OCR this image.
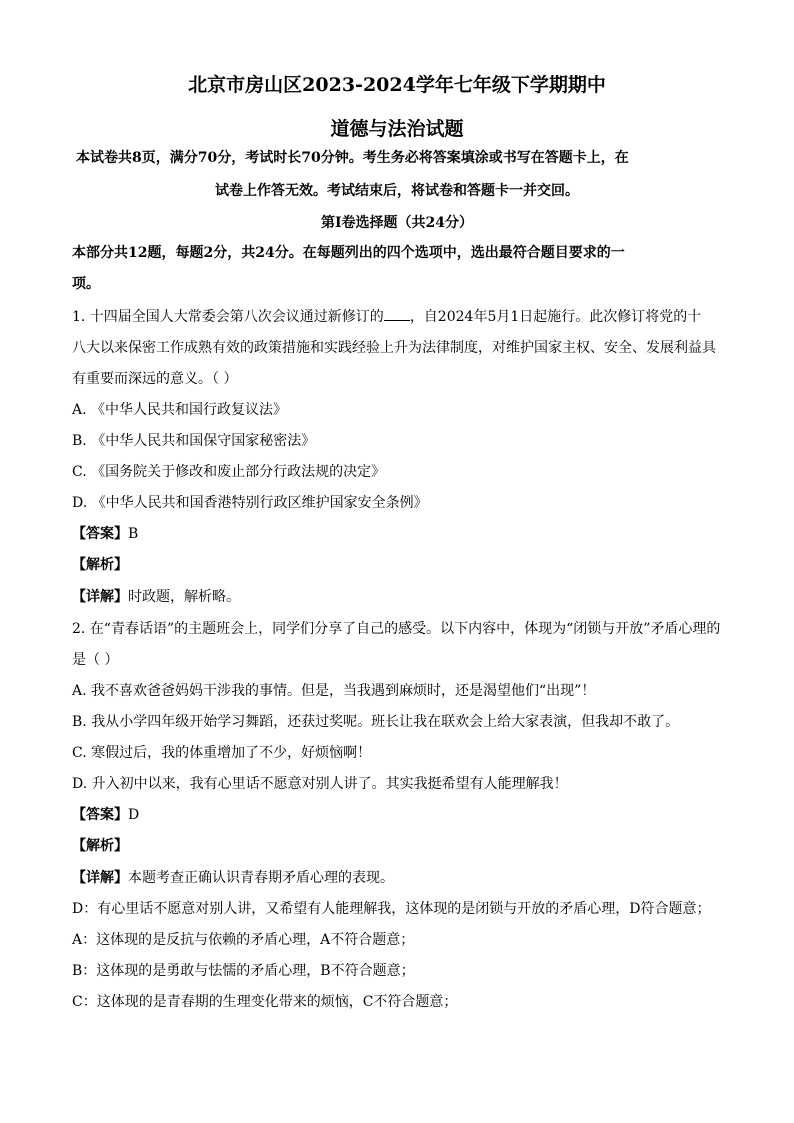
北京市房山区2023-2024学年七年级下学期期中
道德与法治试题
本试卷共8页，满分70分，考试时长70分钟。考生务必将答案填涂或书写在答题卡上，在
试卷上作答无效。考试结束后，将试卷和答题卡一并交回。
第Ⅰ卷选择题（共24分）
本部分共12题，每题2分，共24分。在每题列出的四个选项中，选出最符合题目要求的一
项。
1. 十四届全国人大常委会第八次会议通过新修订的 ，自2024年5月1日起施行。此次修订将党的十
八大以来保密工作成熟有效的政策措施和实践经验上升为法律制度，对维护国家主权、安全、发展利益具
有重要而深远的意义。（ ）
A. 《中华人民共和国行政复议法》
B. 《中华人民共和国保守国家秘密法》
C. 《国务院关于修改和废止部分行政法规的决定》
D. 《中华人民共和国香港特别行政区维护国家安全条例》
【答案】B
【解析】
【详解】时政题，解析略。
2. 在“青春话语”的主题班会上，同学们分享了自己的感受。以下内容中，体现为“闭锁与开放”矛盾心理的
是（ ）
A. 我不喜欢爸爸妈妈干涉我的事情。但是，当我遇到麻烦时，还是渴望他们“出现”！
B. 我从小学四年级开始学习舞蹈，还获过奖呢。班长让我在联欢会上给大家表演，但我却不敢了。
C. 寒假过后，我的体重增加了不少，好烦恼啊！
D. 升入初中以来，我有心里话不愿意对别人讲了。其实我挺希望有人能理解我！
【答案】D
【解析】
【详解】本题考查正确认识青春期矛盾心理的表现。
D：有心里话不愿意对别人讲，又希望有人能理解我，这体现的是闭锁与开放的矛盾心理，D符合题意；
A：这体现的是反抗与依赖的矛盾心理，A不符合题意；
B：这体现的是勇敢与怯懦的矛盾心理，B不符合题意；
C：这体现的是青春期的生理变化带来的烦恼，C不符合题意；
